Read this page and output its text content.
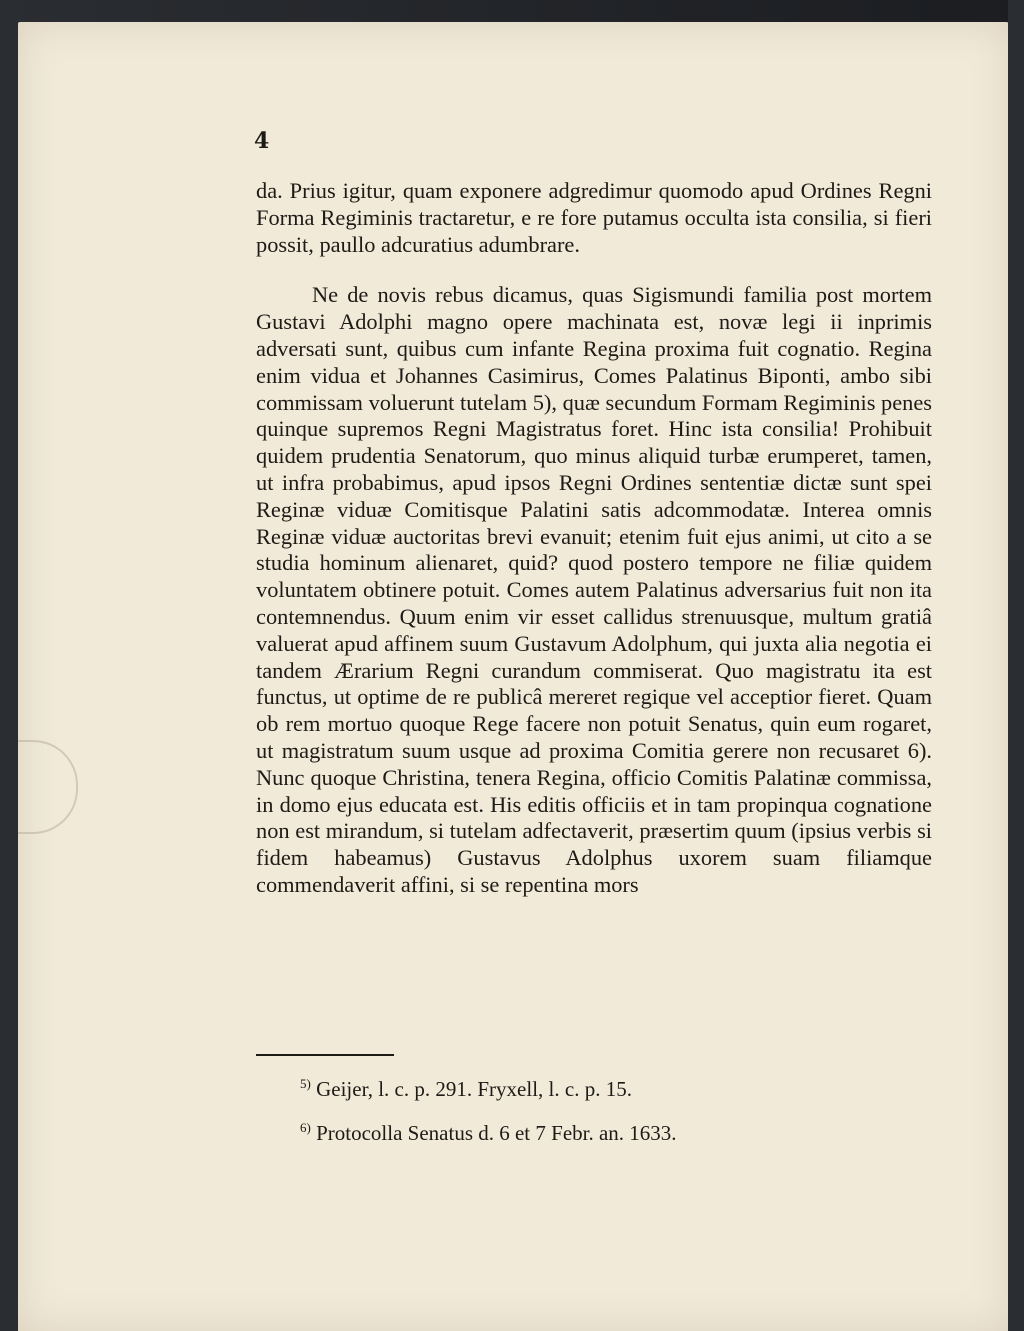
4

da. Prius igitur, quam exponere adgredimur quomodo apud Ordines Regni Forma Regiminis tractaretur, e re fore putamus occulta ista consilia, si fieri possit, paullo adcuratius adumbrare.

Ne de novis rebus dicamus, quas Sigismundi familia post mortem Gustavi Adolphi magno opere machinata est, novæ legi ii inprimis adversati sunt, quibus cum infante Regina proxima fuit cognatio. Regina enim vidua et Johannes Casimirus, Comes Palatinus Biponti, ambo sibi commissam voluerunt tutelam 5), quæ secundum Formam Regiminis penes quinque supremos Regni Magistratus foret. Hinc ista consilia! Prohibuit quidem prudentia Senatorum, quo minus aliquid turbæ erumperet, tamen, ut infra probabimus, apud ipsos Regni Ordines sententiæ dictæ sunt spei Reginæ viduæ Comitisque Palatini satis adcommodatæ. Interea omnis Reginæ viduæ auctoritas brevi evanuit; etenim fuit ejus animi, ut cito a se studia hominum alienaret, quid? quod postero tempore ne filiæ quidem voluntatem obtinere potuit. Comes autem Palatinus adversarius fuit non ita contemnendus. Quum enim vir esset callidus strenuusque, multum gratiâ valuerat apud affinem suum Gustavum Adolphum, qui juxta alia negotia ei tandem Ærarium Regni curandum commiserat. Quo magistratu ita est functus, ut optime de re publicâ mereret regique vel acceptior fieret. Quam ob rem mortuo quoque Rege facere non potuit Senatus, quin eum rogaret, ut magistratum suum usque ad proxima Comitia gerere non recusaret 6). Nunc quoque Christina, tenera Regina, officio Comitis Palatinæ commissa, in domo ejus educata est. His editis officiis et in tam propinqua cognatione non est mirandum, si tutelam adfectaverit, præsertim quum (ipsius verbis si fidem habeamus) Gustavus Adolphus uxorem suam filiamque commendaverit affini, si se repentina mors

$^{5)}$ Geijer, l. c. p. 291. Fryxell, l. c. p. 15.
$^{6)}$ Protocolla Senatus d. 6 et 7 Febr. an. 1633.
